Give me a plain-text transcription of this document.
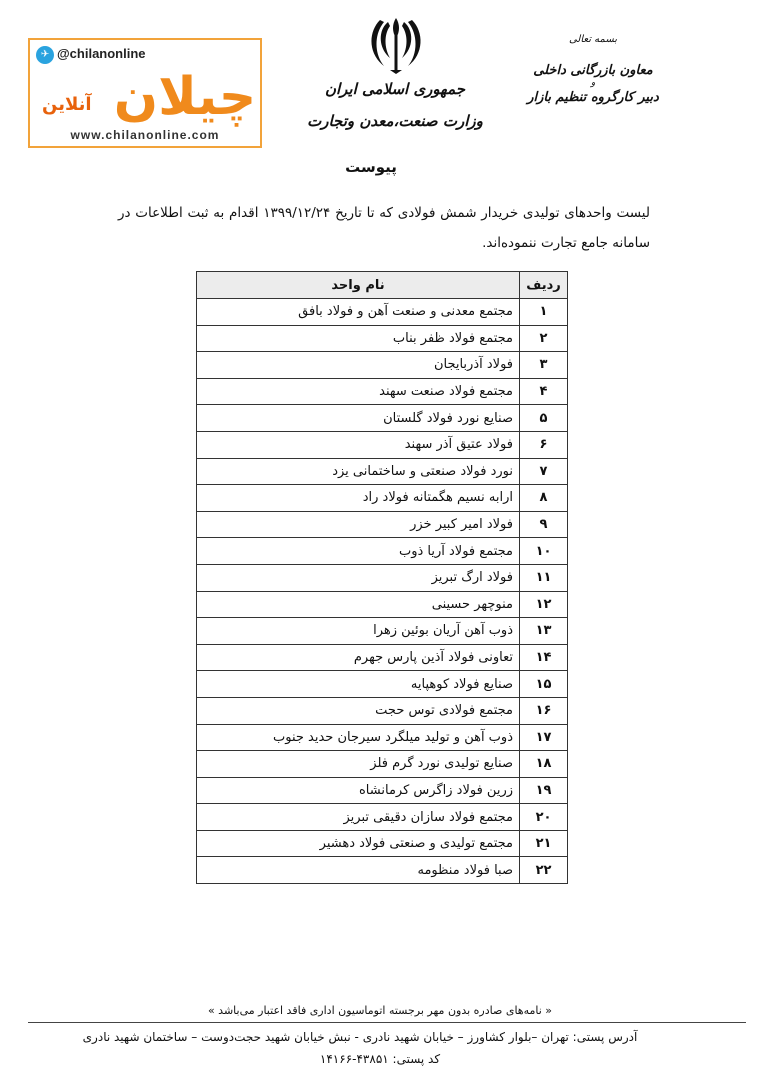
✈ @chilanonline
چیلان
آنلاین
www.chilanonline.com
جمهوری اسلامی ایران
وزارت صنعت،معدن وتجارت
پیوست
بسمه تعالی
معاون بازرگانی داخلی
و
دبیر کارگروه تنظیم بازار
لیست واحدهای تولیدی خریدار شمش فولادی که تا تاریخ ۱۳۹۹/۱۲/۲۴ اقدام به ثبت اطلاعات در سامانه جامع تجارت ننموده‌اند.
ردیف	نام واحد
۱	مجتمع معدنی و صنعت آهن و فولاد بافق
۲	مجتمع فولاد ظفر بناب
۳	فولاد آذربایجان
۴	مجتمع فولاد صنعت سهند
۵	صنایع نورد فولاد گلستان
۶	فولاد عتیق آذر سهند
۷	نورد فولاد صنعتی و ساختمانی یزد
۸	ارابه نسیم هگمتانه فولاد راد
۹	فولاد امیر کبیر خزر
۱۰	مجتمع فولاد آریا ذوب
۱۱	فولاد ارگ تبریز
۱۲	منوچهر حسینی
۱۳	ذوب آهن آریان بوئین زهرا
۱۴	تعاونی فولاد آذین پارس جهرم
۱۵	صنایع فولاد کوهپایه
۱۶	مجتمع فولادی توس حجت
۱۷	ذوب آهن و تولید میلگرد سیرجان حدید جنوب
۱۸	صنایع تولیدی نورد گرم فلز
۱۹	زرین فولاد زاگرس کرمانشاه
۲۰	مجتمع فولاد سازان دقیقی تبریز
۲۱	مجتمع تولیدی و صنعتی فولاد دهشیر
۲۲	صبا فولاد منظومه
« نامه‌های صادره بدون مهر برجسته اتوماسیون اداری فاقد اعتبار می‌باشد »
آدرس پستی: تهران –بلوار کشاورز – خیابان شهید نادری - نبش خیابان شهید حجت‌دوست – ساختمان شهید نادری
کد پستی: ۴۳۸۵۱-۱۴۱۶۶
